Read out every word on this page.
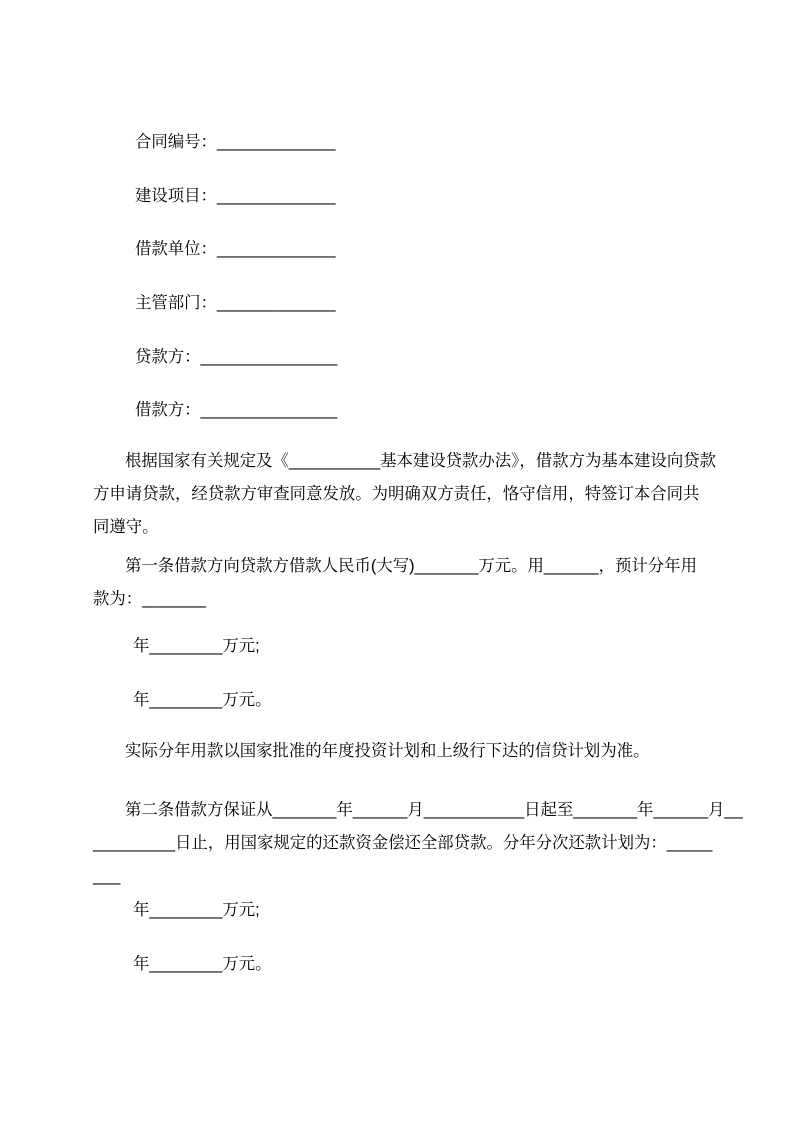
合同编号：_____________
建设项目：_____________
借款单位：_____________
主管部门：_____________
贷款方：_______________
借款方：_______________
根据国家有关规定及《__________基本建设贷款办法》，借款方为基本建设向贷款
方申请贷款，经贷款方审查同意发放。为明确双方责任，恪守信用，特签订本合同共
同遵守。
第一条借款方向贷款方借款人民币(大写)_______万元。用______，预计分年用
款为：_______
年________万元;
年________万元。
实际分年用款以国家批准的年度投资计划和上级行下达的信贷计划为准。
第二条借款方保证从_______年______月___________日起至_______年______月__
_________日止，用国家规定的还款资金偿还全部贷款。分年分次还款计划为：_____
___
年________万元;
年________万元。
